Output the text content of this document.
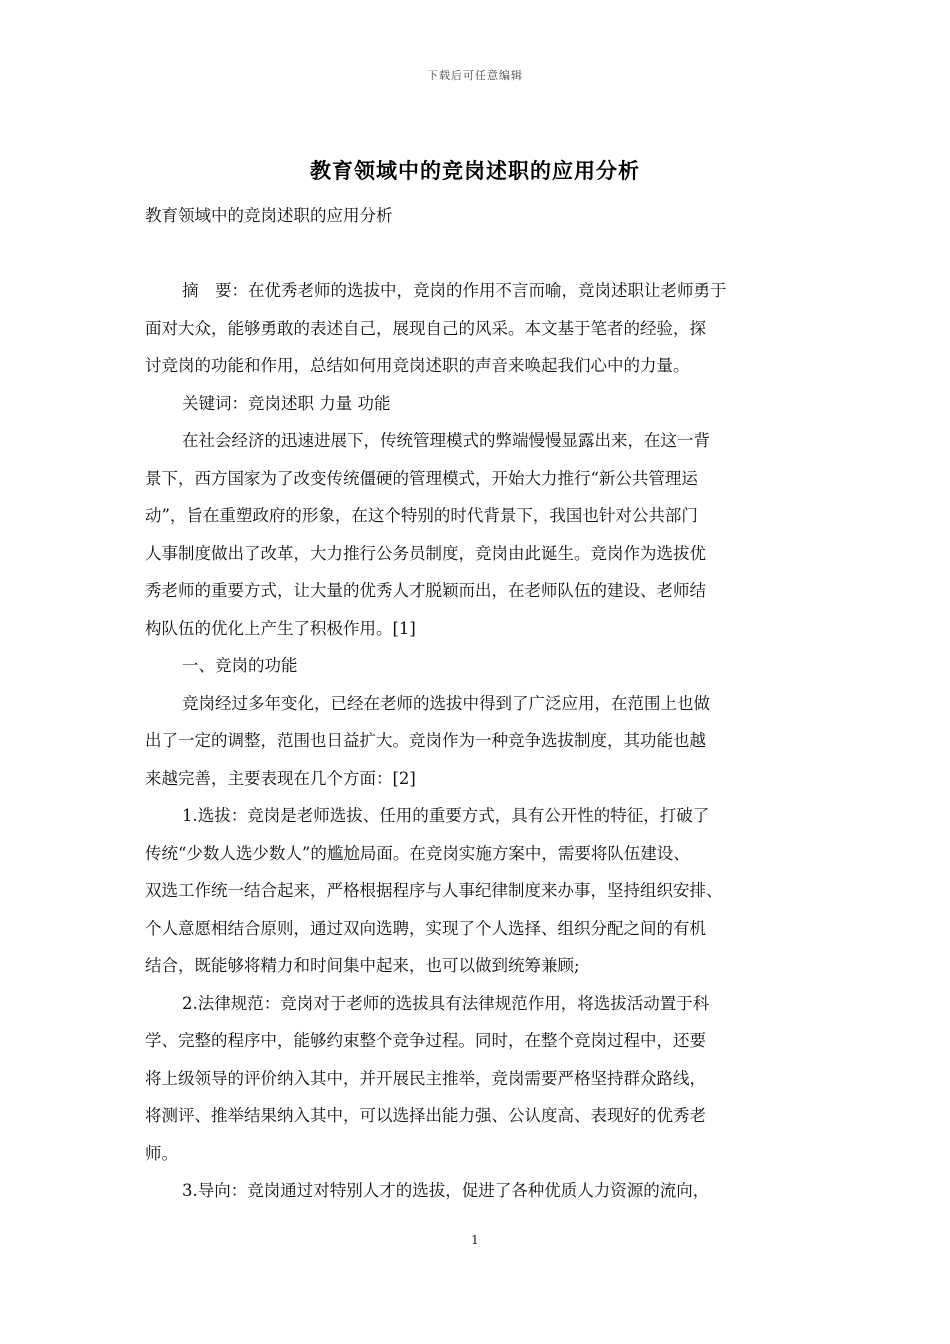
下载后可任意编辑
教育领域中的竞岗述职的应用分析
教育领域中的竞岗述职的应用分析
摘　要：在优秀老师的选拔中，竞岗的作用不言而喻，竞岗述职让老师勇于
面对大众，能够勇敢的表述自己，展现自己的风采。本文基于笔者的经验，探
讨竞岗的功能和作用，总结如何用竞岗述职的声音来唤起我们心中的力量。
关键词：竞岗述职 力量 功能
在社会经济的迅速进展下，传统管理模式的弊端慢慢显露出来，在这一背
景下，西方国家为了改变传统僵硬的管理模式，开始大力推行“新公共管理运
动”，旨在重塑政府的形象，在这个特别的时代背景下，我国也针对公共部门
人事制度做出了改革，大力推行公务员制度，竞岗由此诞生。竞岗作为选拔优
秀老师的重要方式，让大量的优秀人才脱颖而出，在老师队伍的建设、老师结
构队伍的优化上产生了积极作用。[1]
一、竞岗的功能
竞岗经过多年变化，已经在老师的选拔中得到了广泛应用，在范围上也做
出了一定的调整，范围也日益扩大。竞岗作为一种竞争选拔制度，其功能也越
来越完善，主要表现在几个方面：[2]
1.选拔：竞岗是老师选拔、任用的重要方式，具有公开性的特征，打破了
传统“少数人选少数人”的尴尬局面。在竞岗实施方案中，需要将队伍建设、
双选工作统一结合起来，严格根据程序与人事纪律制度来办事，坚持组织安排、
个人意愿相结合原则，通过双向选聘，实现了个人选择、组织分配之间的有机
结合，既能够将精力和时间集中起来，也可以做到统筹兼顾;
2.法律规范：竞岗对于老师的选拔具有法律规范作用，将选拔活动置于科
学、完整的程序中，能够约束整个竞争过程。同时，在整个竞岗过程中，还要
将上级领导的评价纳入其中，并开展民主推举，竞岗需要严格坚持群众路线，
将测评、推举结果纳入其中，可以选择出能力强、公认度高、表现好的优秀老
师。
3.导向：竞岗通过对特别人才的选拔，促进了各种优质人力资源的流向，
1
